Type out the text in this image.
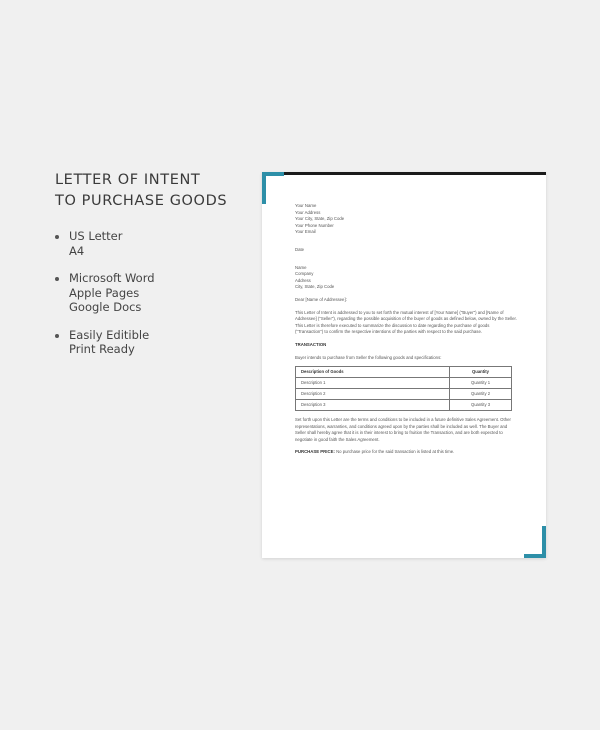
LETTER OF INTENT
TO PURCHASE GOODS
US Letter
A4
Microsoft Word
Apple Pages
Google Docs
Easily Editible
Print Ready
Your Name
Your Address
Your City, State, Zip Code
Your Phone Number
Your Email
Date
Name
Company
Address
City, State, Zip Code
Dear [Name of Addressee]:

This Letter of Intent is addressed to you to set forth the mutual interest of [Your Name] ("Buyer") and [Name of Addressee] ("Seller"), regarding the possible acquisition of the buyer of goods as defined below, owned by the Seller. This Letter is therefore executed to summarize the discussion to date regarding the purchase of goods ("Transaction") to confirm the respective intentions of the parties with respect to the said purchase.

TRANSACTION
Buyer intends to purchase from Seller the following goods and specifications:
Description of Goods	Quantity
Description 1	Quantity 1
Description 2	Quantity 2
Description 3	Quantity 3

Set forth upon this Letter are the terms and conditions to be included in a future definitive Sales Agreement. Other representations, warranties, and conditions agreed upon by the parties shall be included as well. The Buyer and Seller shall hereby agree that it is in their interest to bring to fruition the Transaction, and are both expected to negotiate in good faith the Sales Agreement.

PURCHASE PRICE: No purchase price for the said transaction is listed at this time.
